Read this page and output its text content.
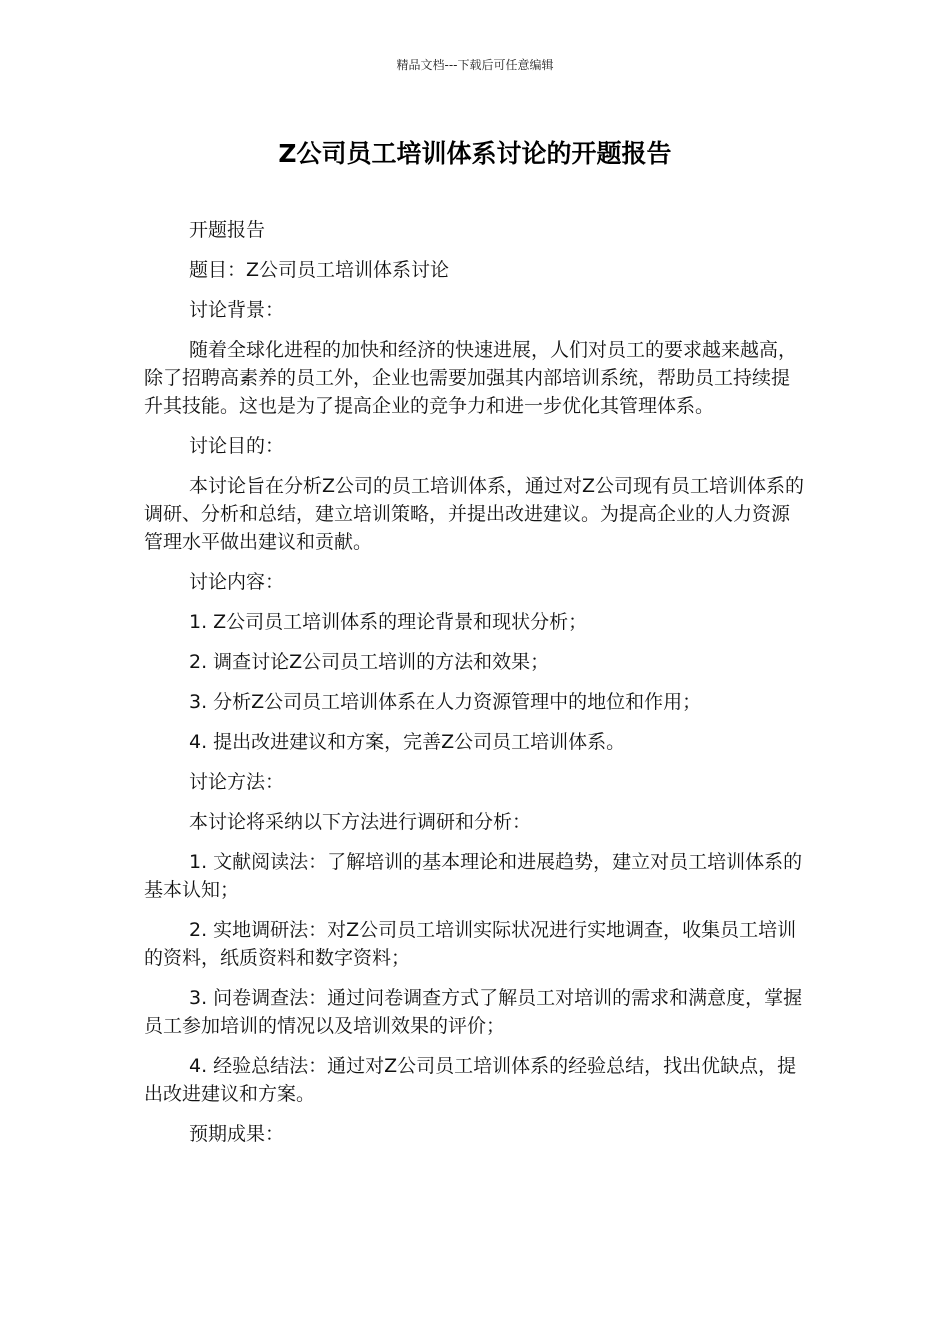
精品文档---下载后可任意编辑
Z公司员工培训体系讨论的开题报告

开题报告

题目：Z公司员工培训体系讨论

讨论背景：

随着全球化进程的加快和经济的快速进展，人们对员工的要求越来越高，除了招聘高素养的员工外，企业也需要加强其内部培训系统，帮助员工持续提升其技能。这也是为了提高企业的竞争力和进一步优化其管理体系。

讨论目的：

本讨论旨在分析Z公司的员工培训体系，通过对Z公司现有员工培训体系的调研、分析和总结，建立培训策略，并提出改进建议。为提高企业的人力资源管理水平做出建议和贡献。

讨论内容：

1. Z公司员工培训体系的理论背景和现状分析；

2. 调查讨论Z公司员工培训的方法和效果；

3. 分析Z公司员工培训体系在人力资源管理中的地位和作用；

4. 提出改进建议和方案，完善Z公司员工培训体系。

讨论方法：

本讨论将采纳以下方法进行调研和分析：

1. 文献阅读法：了解培训的基本理论和进展趋势，建立对员工培训体系的基本认知；

2. 实地调研法：对Z公司员工培训实际状况进行实地调查，收集员工培训的资料，纸质资料和数字资料；

3. 问卷调查法：通过问卷调查方式了解员工对培训的需求和满意度，掌握员工参加培训的情况以及培训效果的评价；

4. 经验总结法：通过对Z公司员工培训体系的经验总结，找出优缺点，提出改进建议和方案。

预期成果：
